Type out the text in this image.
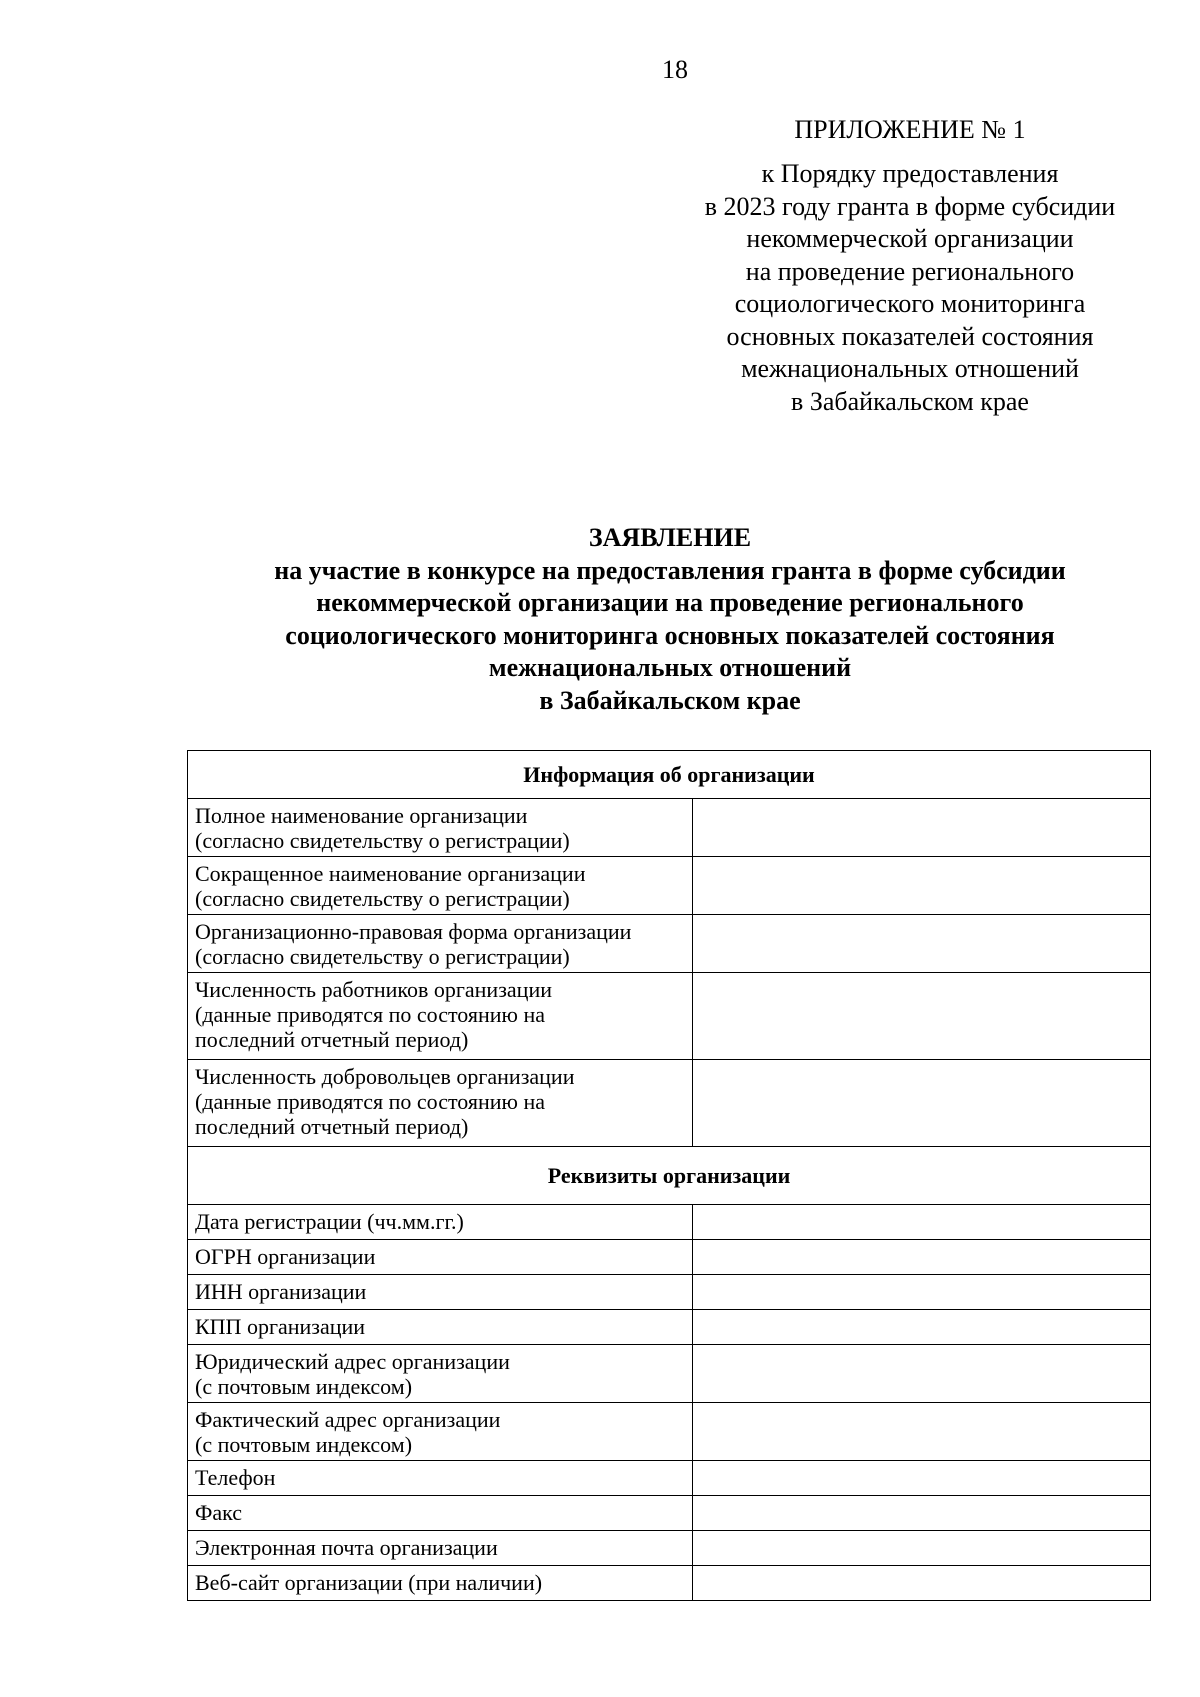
18
ПРИЛОЖЕНИЕ № 1
к Порядку предоставления
в 2023 году гранта в форме субсидии
некоммерческой организации
на проведение регионального
социологического мониторинга
основных показателей состояния
межнациональных отношений
в Забайкальском крае
ЗАЯВЛЕНИЕ
на участие в конкурсе на предоставления гранта в форме субсидии
некоммерческой организации на проведение регионального
социологического мониторинга основных показателей состояния
межнациональных отношений
в Забайкальском крае
Информация об организации	

Полное наименование организации
(согласно свидетельству о регистрации)	

Сокращенное наименование организации
(согласно свидетельству о регистрации)	

Организационно-правовая форма организации
(согласно свидетельству о регистрации)	

Численность работников организации
(данные приводятся по состоянию на
последний отчетный период)	

Численность добровольцев организации
(данные приводятся по состоянию на
последний отчетный период)	

Реквизиты организации	

Дата регистрации (чч.мм.гг.)	

ОГРН организации	

ИНН организации	

КПП организации	

Юридический адрес организации
(с почтовым индексом)	

Фактический адрес организации
(с почтовым индексом)	

Телефон	

Факс	

Электронная почта организации	

Веб-сайт организации (при наличии)	
